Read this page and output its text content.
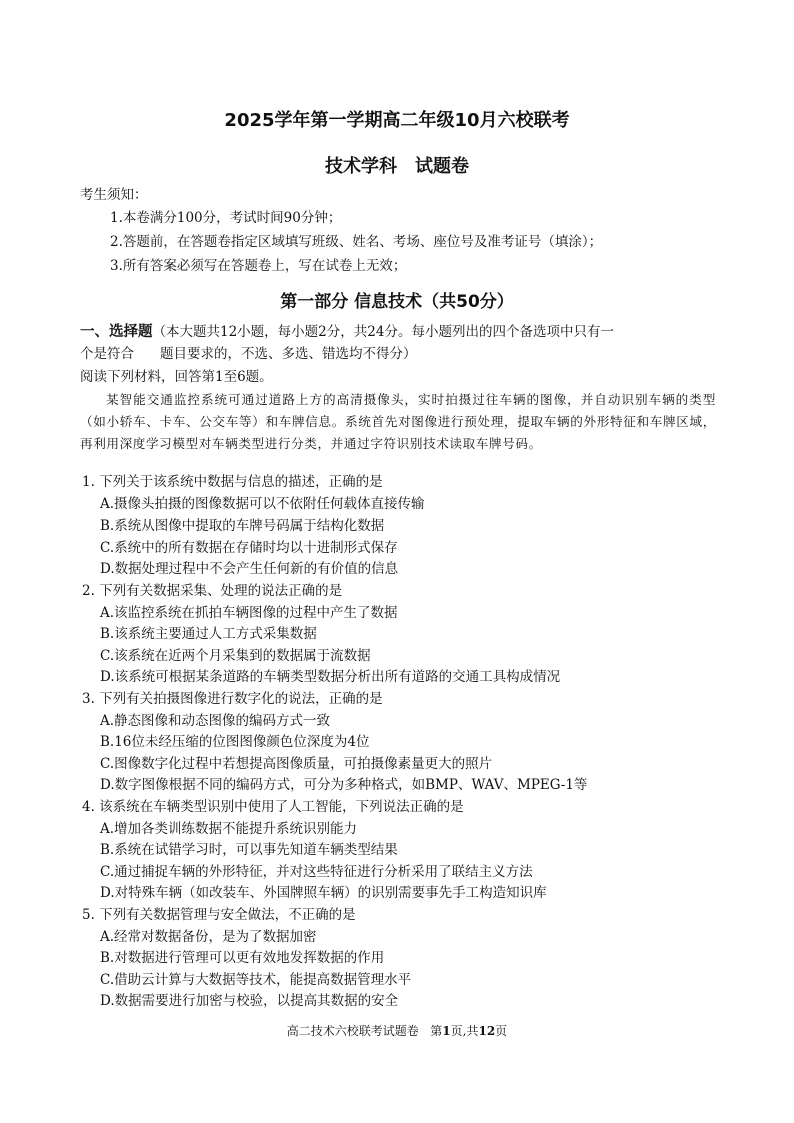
2025学年第一学期高二年级10月六校联考
技术学科　试题卷
考生须知：
1.本卷满分100分，考试时间90分钟；
2.答题前，在答题卷指定区域填写班级、姓名、考场、座位号及准考证号（填涂）；
3.所有答案必须写在答题卷上，写在试卷上无效；
第一部分 信息技术（共50分）
一、选择题（本大题共12小题，每小题2分，共24分。每小题列出的四个备选项中只有一
个是符合 题目要求的，不选、多选、错选均不得分）
阅读下列材料，回答第1至6题。
某智能交通监控系统可通过道路上方的高清摄像头，实时拍摄过往车辆的图像，并自动识别车辆的类型（如小轿车、卡车、公交车等）和车牌信息。系统首先对图像进行预处理，提取车辆的外形特征和车牌区域，再利用深度学习模型对车辆类型进行分类，并通过字符识别技术读取车牌号码。
1. 下列关于该系统中数据与信息的描述，正确的是
A.摄像头拍摄的图像数据可以不依附任何载体直接传输
B.系统从图像中提取的车牌号码属于结构化数据
C.系统中的所有数据在存储时均以十进制形式保存
D.数据处理过程中不会产生任何新的有价值的信息
2. 下列有关数据采集、处理的说法正确的是
A.该监控系统在抓拍车辆图像的过程中产生了数据
B.该系统主要通过人工方式采集数据
C.该系统在近两个月采集到的数据属于流数据
D.该系统可根据某条道路的车辆类型数据分析出所有道路的交通工具构成情况
3. 下列有关拍摄图像进行数字化的说法，正确的是
A.静态图像和动态图像的编码方式一致
B.16位未经压缩的位图图像颜色位深度为4位
C.图像数字化过程中若想提高图像质量，可拍摄像素量更大的照片
D.数字图像根据不同的编码方式，可分为多种格式，如BMP、WAV、MPEG-1等
4. 该系统在车辆类型识别中使用了人工智能，下列说法正确的是
A.增加各类训练数据不能提升系统识别能力
B.系统在试错学习时，可以事先知道车辆类型结果
C.通过捕捉车辆的外形特征，并对这些特征进行分析采用了联结主义方法
D.对特殊车辆（如改装车、外国牌照车辆）的识别需要事先手工构造知识库
5. 下列有关数据管理与安全做法，不正确的是
A.经常对数据备份，是为了数据加密
B.对数据进行管理可以更有效地发挥数据的作用
C.借助云计算与大数据等技术，能提高数据管理水平
D.数据需要进行加密与校验，以提高其数据的安全
高二技术六校联考试题卷 第1页,共12页
